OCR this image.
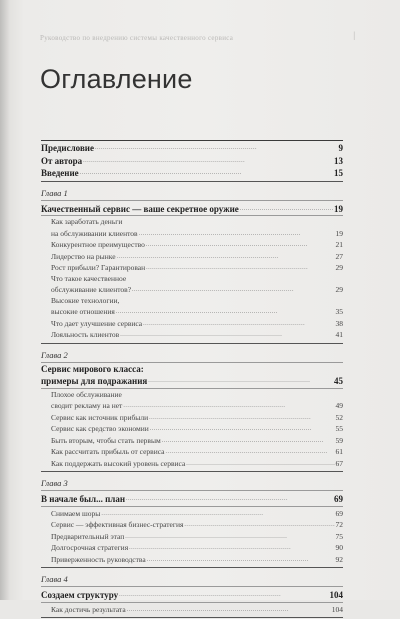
Руководство по внедрению системы качественного сервиса	|
Оглавление
Предисловие . . .	9
От автора . . .	13
Введение . . .	15
Глава 1
Качественный сервис — ваше секретное оружие . . .	19
Как заработать деньги
на обслуживании клиентов . . .	19
Конкурентное преимущество . . .	21
Лидерство на рынке . . .	27
Рост прибыли? Гарантирован . . .	29
Что такое качественное
обслуживание клиентов? . . .	29
Высокие технологии,
высокие отношения . . .	35
Что дает улучшение сервиса . . .	38
Лояльность клиентов . . .	41
Глава 2
Сервис мирового класса:
примеры для подражания . . .	45
Плохое обслуживание
сводит рекламу на нет . . .	49
Сервис как источник прибыли . . .	52
Сервис как средство экономии . . .	55
Быть вторым, чтобы стать первым . . .	59
Как рассчитать прибыль от сервиса . . .	61
Как поддержать высокий уровень сервиса . . .	67
Глава 3
В начале был... план . . .	69
Снимаем шоры . . .	69
Сервис — эффективная бизнес-стратегия . . .	72
Предварительный этап . . .	75
Долгосрочная стратегия . . .	90
Приверженность руководства . . .	92
Глава 4
Создаем структуру . . .	104
Как достичь результата . . .	104
